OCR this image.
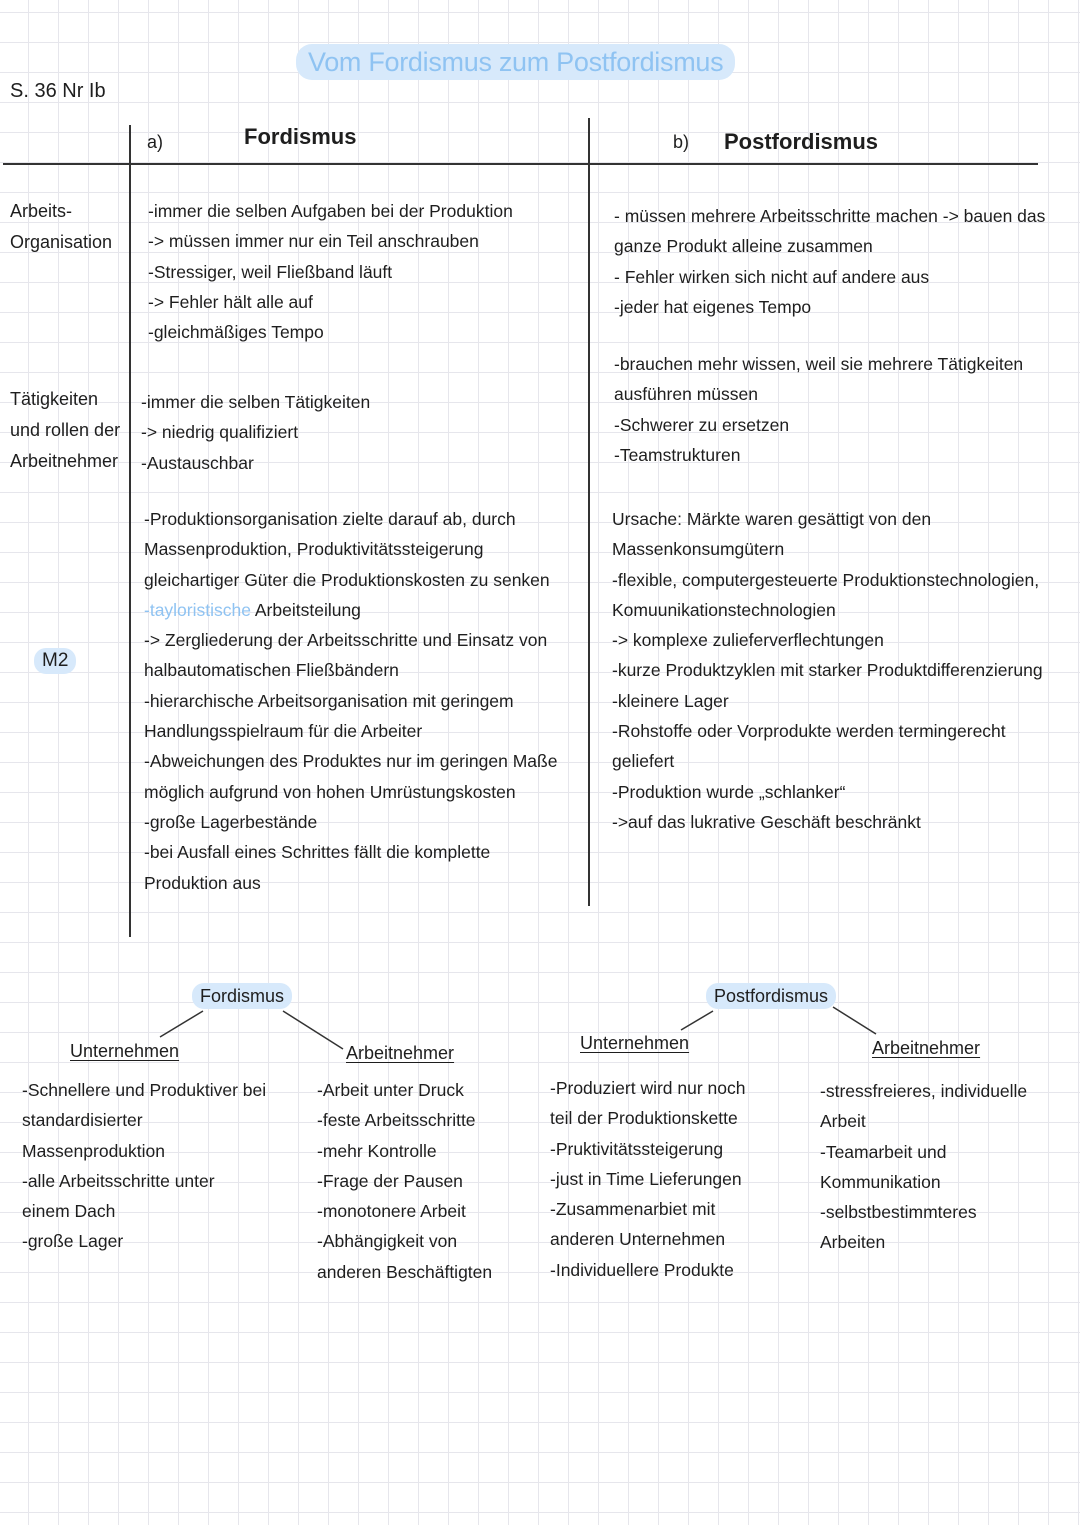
Vom Fordismus zum Postfordismus
S. 36 Nr Ib
a)	Fordismus	b) Postfordismus
Arbeits-
Organisation
-immer die selben Aufgaben bei der Produktion
-> müssen immer nur ein Teil anschrauben
-Stressiger, weil Fließband läuft
-> Fehler hält alle auf
-gleichmäßiges Tempo
- müssen mehrere Arbeitsschritte machen -> bauen das
ganze Produkt alleine zusammen
- Fehler wirken sich nicht auf andere aus
-jeder hat eigenes Tempo
Tätigkeiten
und rollen der
Arbeitnehmer
-immer die selben Tätigkeiten
-> niedrig qualifiziert
-Austauschbar
-brauchen mehr wissen, weil sie mehrere Tätigkeiten
ausführen müssen
-Schwerer zu ersetzen
-Teamstrukturen
M2
-Produktionsorganisation zielte darauf ab, durch
Massenproduktion, Produktivitätssteigerung
gleichartiger Güter die Produktionskosten zu senken
-tayloristische Arbeitsteilung
-> Zergliederung der Arbeitsschritte und Einsatz von
halbautomatischen Fließbändern
-hierarchische Arbeitsorganisation mit geringem
Handlungsspielraum für die Arbeiter
-Abweichungen des Produktes nur im geringen Maße
möglich aufgrund von hohen Umrüstungskosten
-große Lagerbestände
-bei Ausfall eines Schrittes fällt die komplette
Produktion aus
Ursache: Märkte waren gesättigt von den
Massenkonsumgütern
-flexible, computergesteuerte Produktionstechnologien,
Komuunikationstechnologien
-> komplexe zulieferverflechtungen
-kurze Produktzyklen mit starker Produktdifferenzierung
-kleinere Lager
-Rohstoffe oder Vorprodukte werden termingerecht
geliefert
-Produktion wurde „schlanker“
->auf das lukrative Geschäft beschränkt
Fordismus
Unternehmen
-Schnellere und Produktiver bei
standardisierter
Massenproduktion
-alle Arbeitsschritte unter
einem Dach
-große Lager
Arbeitnehmer
-Arbeit unter Druck
-feste Arbeitsschritte
-mehr Kontrolle
-Frage der Pausen
-monotonere Arbeit
-Abhängigkeit von
anderen Beschäftigten
Postfordismus
Unternehmen
-Produziert wird nur noch
teil der Produktionskette
-Pruktivitätssteigerung
-just in Time Lieferungen
-Zusammenarbiet mit
anderen Unternehmen
-Individuellere Produkte
Arbeitnehmer
-stressfreieres, individuelle
Arbeit
-Teamarbeit und
Kommunikation
-selbstbestimmteres
Arbeiten
